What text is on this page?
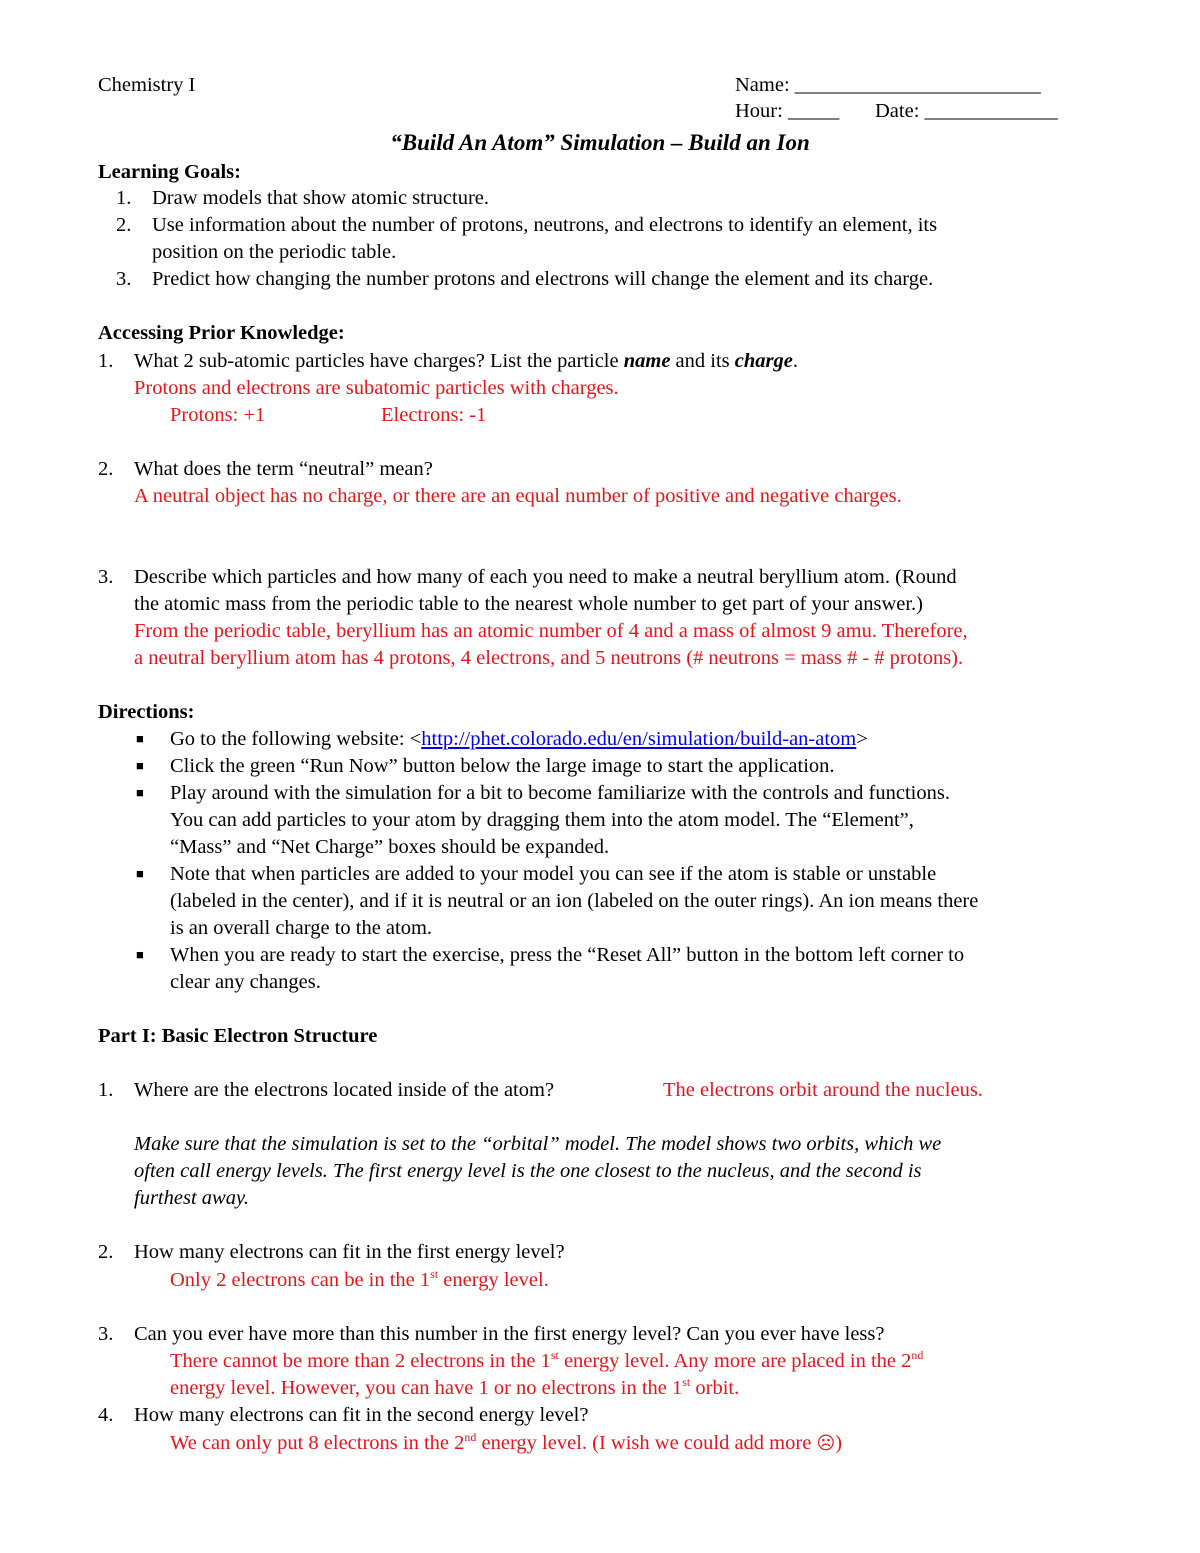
Chemistry I	Name: ________________________
Hour: _____ Date: _____________
“Build An Atom” Simulation – Build an Ion
Learning Goals:
1. Draw models that show atomic structure.
2. Use information about the number of protons, neutrons, and electrons to identify an element, its
position on the periodic table.
3. Predict how changing the number protons and electrons will change the element and its charge.
Accessing Prior Knowledge:
1. What 2 sub-atomic particles have charges? List the particle name and its charge.
Protons and electrons are subatomic particles with charges.
Protons: +1	Electrons: -1
2. What does the term “neutral” mean?
A neutral object has no charge, or there are an equal number of positive and negative charges.
3. Describe which particles and how many of each you need to make a neutral beryllium atom. (Round
the atomic mass from the periodic table to the nearest whole number to get part of your answer.)
From the periodic table, beryllium has an atomic number of 4 and a mass of almost 9 amu. Therefore,
a neutral beryllium atom has 4 protons, 4 electrons, and 5 neutrons (# neutrons = mass # - # protons).
Directions:
■ Go to the following website: <http://phet.colorado.edu/en/simulation/build-an-atom>
■ Click the green “Run Now” button below the large image to start the application.
■ Play around with the simulation for a bit to become familiarize with the controls and functions.
You can add particles to your atom by dragging them into the atom model. The “Element”,
“Mass” and “Net Charge” boxes should be expanded.
■ Note that when particles are added to your model you can see if the atom is stable or unstable
(labeled in the center), and if it is neutral or an ion (labeled on the outer rings). An ion means there
is an overall charge to the atom.
■ When you are ready to start the exercise, press the “Reset All” button in the bottom left corner to
clear any changes.
Part I: Basic Electron Structure
1. Where are the electrons located inside of the atom?	The electrons orbit around the nucleus.
Make sure that the simulation is set to the “orbital” model. The model shows two orbits, which we
often call energy levels. The first energy level is the one closest to the nucleus, and the second is
furthest away.
2. How many electrons can fit in the first energy level?
Only 2 electrons can be in the 1st energy level.
3. Can you ever have more than this number in the first energy level? Can you ever have less?
There cannot be more than 2 electrons in the 1st energy level. Any more are placed in the 2nd
energy level. However, you can have 1 or no electrons in the 1st orbit.
4. How many electrons can fit in the second energy level?
We can only put 8 electrons in the 2nd energy level. (I wish we could add more ☹)
